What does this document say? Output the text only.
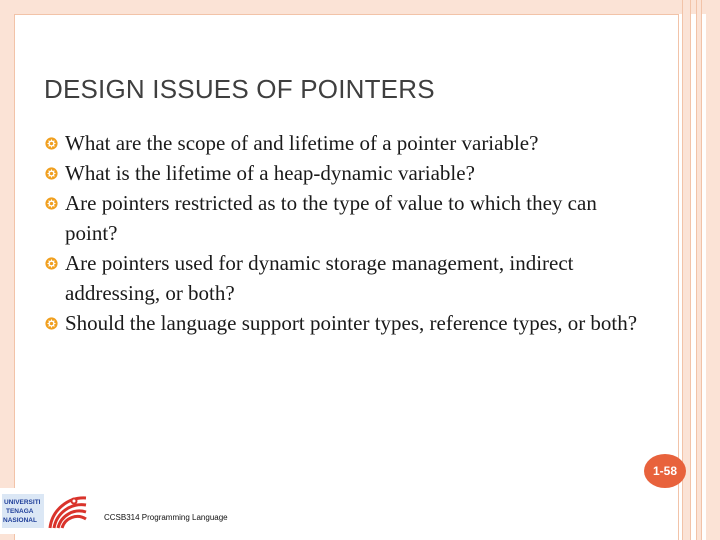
DESIGN ISSUES OF POINTERS
What are the scope of and lifetime of a pointer variable?
What is the lifetime of a heap-dynamic variable?
Are pointers restricted as to the type of value to which they can point?
Are pointers used for dynamic storage management, indirect addressing, or both?
Should the language support pointer types, reference types, or both?
1-58
UNIVERSITI
TENAGA
NASIONAL	CCSB314 Programming Language
